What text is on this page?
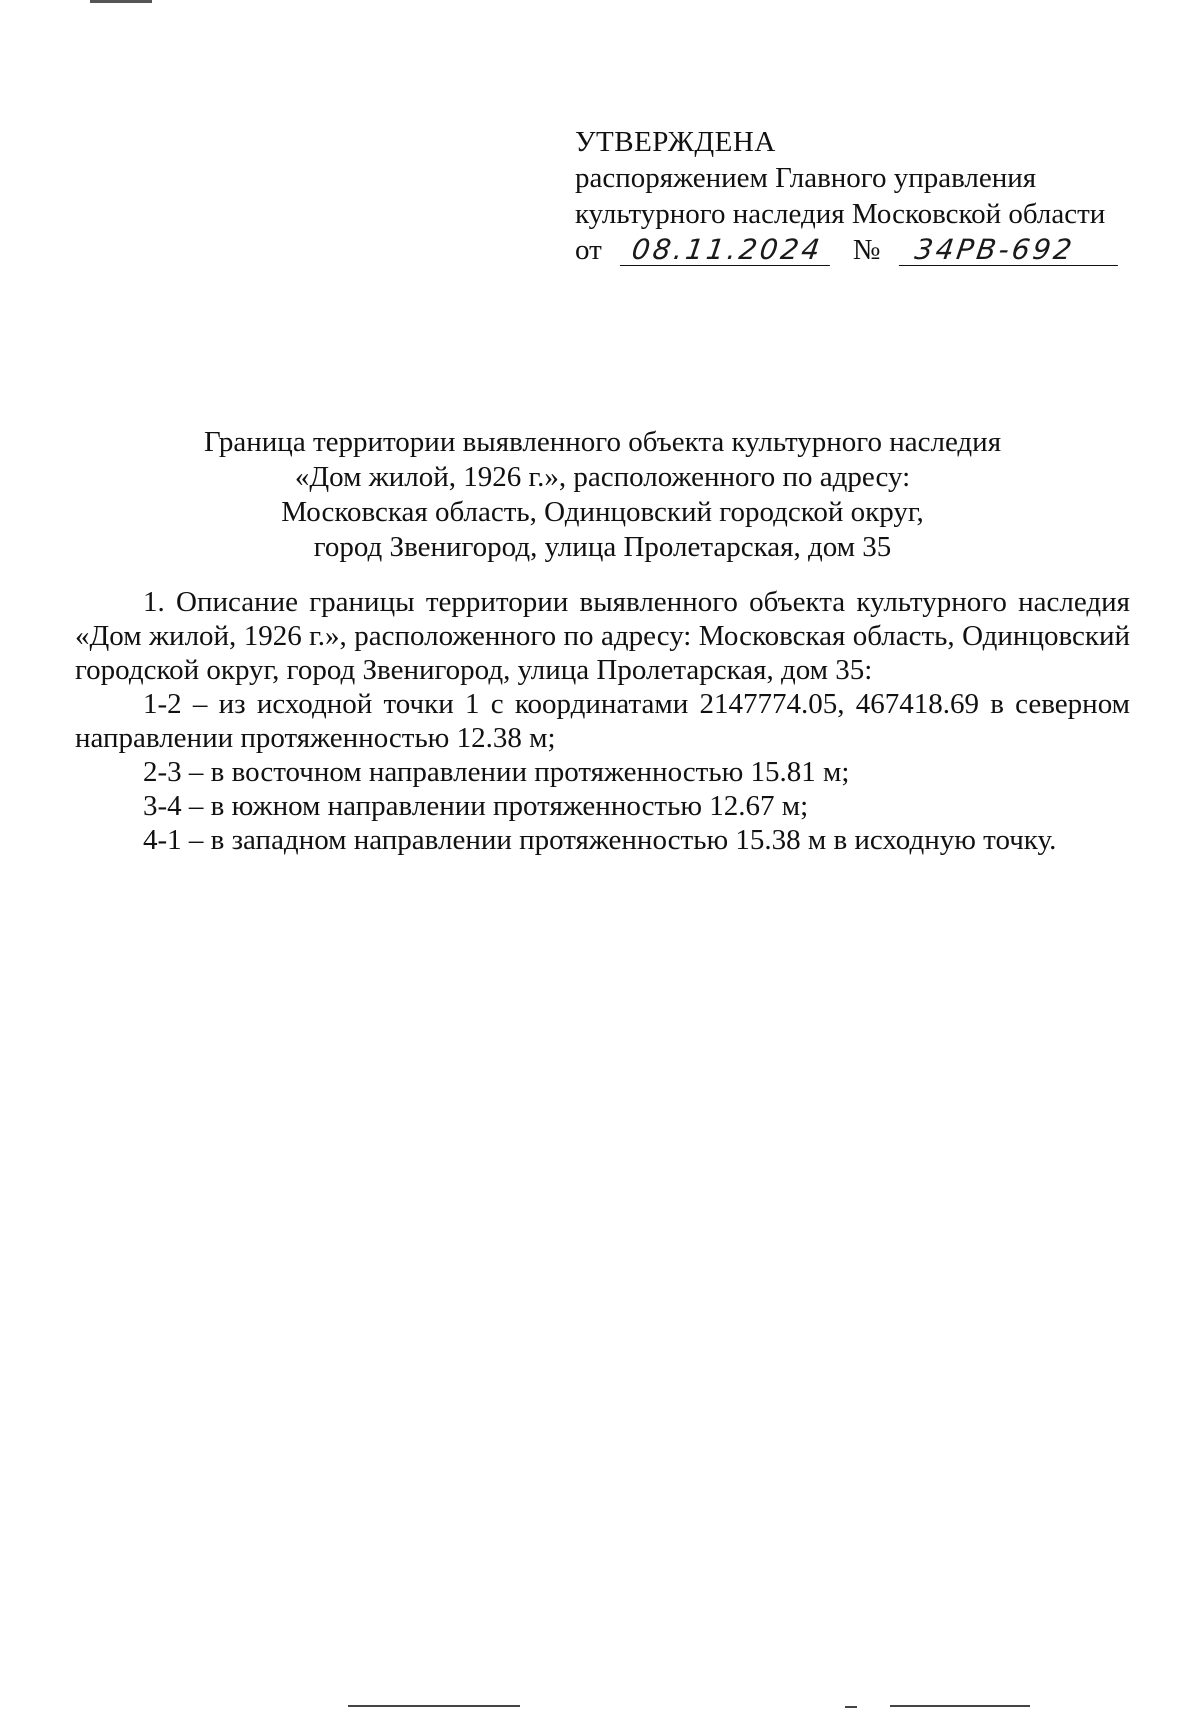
УТВЕРЖДЕНА
распоряжением Главного управления
культурного наследия Московской области
от 08.11.2024 № 34РВ-692
Граница территории выявленного объекта культурного наследия
«Дом жилой, 1926 г.», расположенного по адресу:
Московская область, Одинцовский городской округ,
город Звенигород, улица Пролетарская, дом 35

1. Описание границы территории выявленного объекта культурного наследия «Дом жилой, 1926 г.», расположенного по адресу: Московская область, Одинцовский городской округ, город Звенигород, улица Пролетарская, дом 35:

1-2 – из исходной точки 1 с координатами 2147774.05, 467418.69 в северном направлении протяженностью 12.38 м;

2-3 – в восточном направлении протяженностью 15.81 м;

3-4 – в южном направлении протяженностью 12.67 м;

4-1 – в западном направлении протяженностью 15.38 м в исходную точку.
